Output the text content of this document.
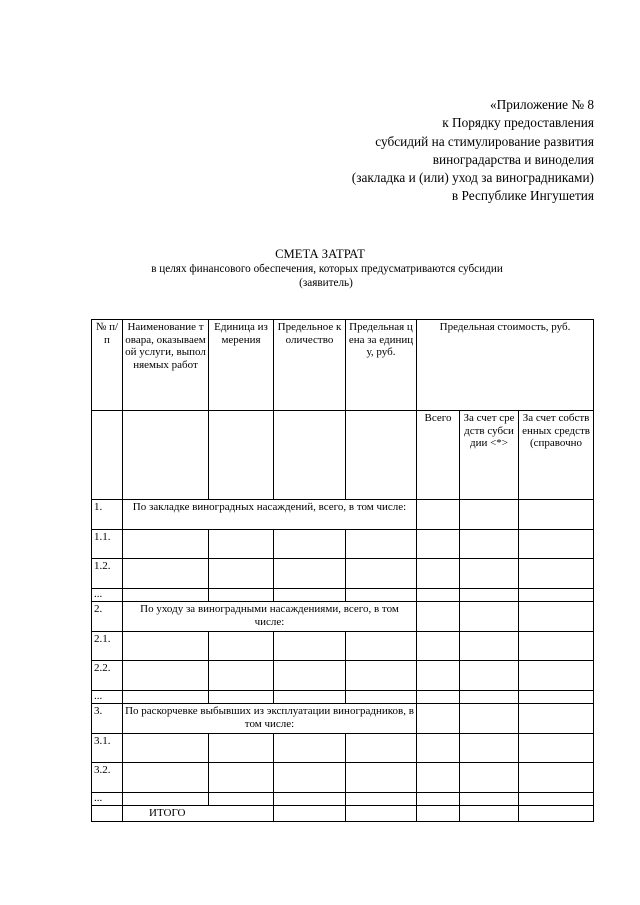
«Приложение № 8
к Порядку предоставления
субсидий на стимулирование развития
виноградарства и виноделия
(закладка и (или) уход за виноградниками)
в Республике Ингушетия
СМЕТА ЗАТРАТ
в целях финансового обеспечения, которых предусматриваются субсидии
(заявитель)
№ п/п	Наименование товара, оказываемой услуги, выполняемых работ	Единица измерения	Предельное количество	Предельная цена за единицу, руб.	Предельная стоимость, руб.		
					Всего	За счет средств субсидии <*>	За счет собственных средств (справочно
1.	По закладке виноградных насаждений, всего, в том числе:						
1.1.							
1.2.							
...							
2.	По уходу за виноградными насаждениями, всего, в том числе:						
2.1.							
2.2.							
...							
3.	По раскорчевке выбывших из эксплуатации виноградников, в том числе:						
3.1.							
3.2.							
...							
	ИТОГО						
